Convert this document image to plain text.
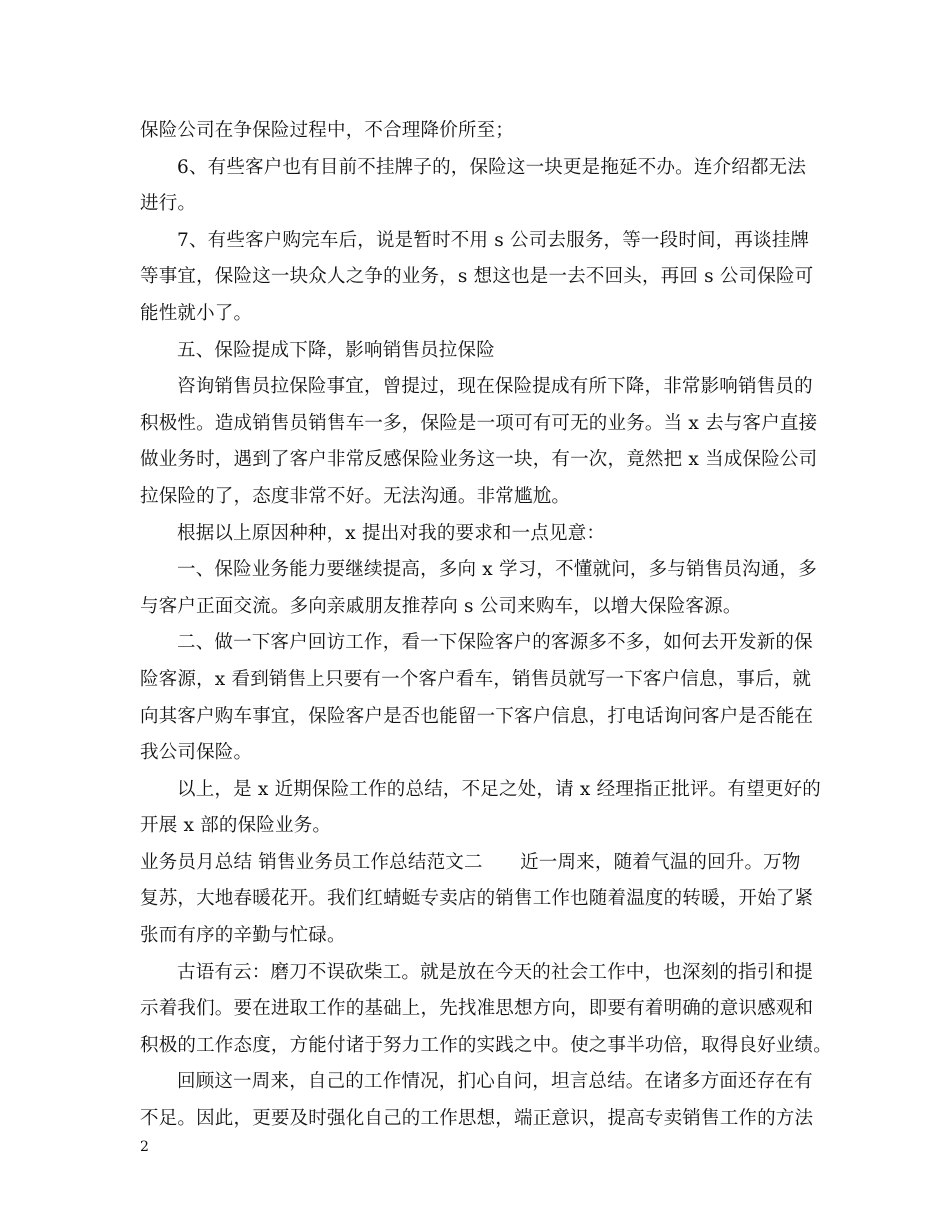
保险公司在争保险过程中，不合理降价所至；
6、有些客户也有目前不挂牌子的，保险这一块更是拖延不办。连介绍都无法
进行。
7、有些客户购完车后，说是暂时不用 s 公司去服务，等一段时间，再谈挂牌
等事宜，保险这一块众人之争的业务，s 想这也是一去不回头，再回 s 公司保险可
能性就小了。
五、保险提成下降，影响销售员拉保险
咨询销售员拉保险事宜，曾提过，现在保险提成有所下降，非常影响销售员的
积极性。造成销售员销售车一多，保险是一项可有可无的业务。当 x 去与客户直接
做业务时，遇到了客户非常反感保险业务这一块，有一次，竟然把 x 当成保险公司
拉保险的了，态度非常不好。无法沟通。非常尴尬。
根据以上原因种种，x 提出对我的要求和一点见意：
一、保险业务能力要继续提高，多向 x 学习，不懂就问，多与销售员沟通，多
与客户正面交流。多向亲戚朋友推荐向 s 公司来购车，以增大保险客源。
二、做一下客户回访工作，看一下保险客户的客源多不多，如何去开发新的保
险客源，x 看到销售上只要有一个客户看车，销售员就写一下客户信息，事后，就
向其客户购车事宜，保险客户是否也能留一下客户信息，打电话询问客户是否能在
我公司保险。
以上，是 x 近期保险工作的总结，不足之处，请 x 经理指正批评。有望更好的
开展 x 部的保险业务。
业务员月总结 销售业务员工作总结范文二　　近一周来，随着气温的回升。万物
复苏，大地春暖花开。我们红蜻蜓专卖店的销售工作也随着温度的转暖，开始了紧
张而有序的辛勤与忙碌。
古语有云：磨刀不误砍柴工。就是放在今天的社会工作中，也深刻的指引和提
示着我们。要在进取工作的基础上，先找准思想方向，即要有着明确的意识感观和
积极的工作态度，方能付诸于努力工作的实践之中。使之事半功倍，取得良好业绩。
回顾这一周来，自己的工作情况，扪心自问，坦言总结。在诸多方面还存在有
不足。因此，更要及时强化自己的工作思想，端正意识，提高专卖销售工作的方法
2
